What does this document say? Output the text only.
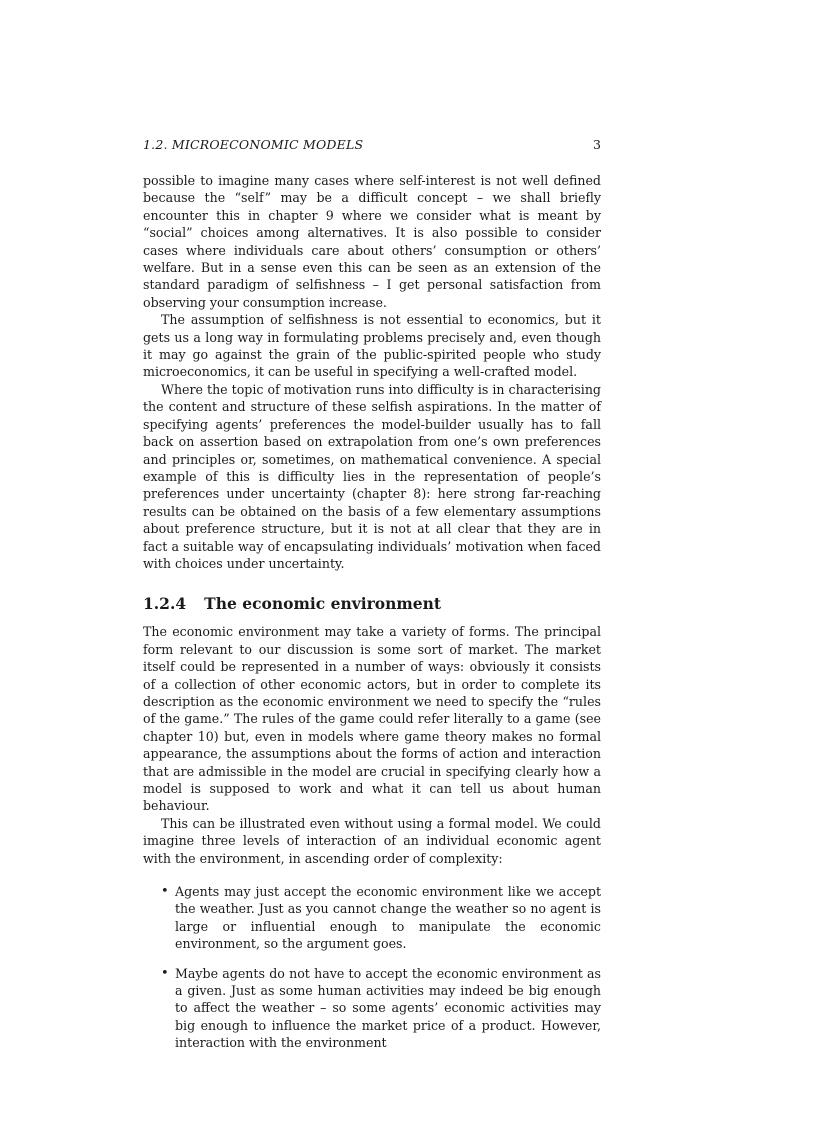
1.2. MICROECONOMIC MODELS	3

possible to imagine many cases where self-interest is not well defined because the “self” may be a difficult concept – we shall briefly encounter this in chapter 9 where we consider what is meant by “social” choices among alternatives. It is also possible to consider cases where individuals care about others’ consumption or others’ welfare. But in a sense even this can be seen as an extension of the standard paradigm of selfishness – I get personal satisfaction from observing your consumption increase.

The assumption of selfishness is not essential to economics, but it gets us a long way in formulating problems precisely and, even though it may go against the grain of the public-spirited people who study microeconomics, it can be useful in specifying a well-crafted model.

Where the topic of motivation runs into difficulty is in characterising the content and structure of these selfish aspirations. In the matter of specifying agents’ preferences the model-builder usually has to fall back on assertion based on extrapolation from one’s own preferences and principles or, sometimes, on mathematical convenience. A special example of this is difficulty lies in the representation of people’s preferences under uncertainty (chapter 8): here strong far-reaching results can be obtained on the basis of a few elementary assumptions about preference structure, but it is not at all clear that they are in fact a suitable way of encapsulating individuals’ motivation when faced with choices under uncertainty.

1.2.4 The economic environment

The economic environment may take a variety of forms. The principal form relevant to our discussion is some sort of market. The market itself could be represented in a number of ways: obviously it consists of a collection of other economic actors, but in order to complete its description as the economic environment we need to specify the “rules of the game.” The rules of the game could refer literally to a game (see chapter 10) but, even in models where game theory makes no formal appearance, the assumptions about the forms of action and interaction that are admissible in the model are crucial in specifying clearly how a model is supposed to work and what it can tell us about human behaviour.

This can be illustrated even without using a formal model. We could imagine three levels of interaction of an individual economic agent with the environment, in ascending order of complexity:

• Agents may just accept the economic environment like we accept the weather. Just as you cannot change the weather so no agent is large or influential enough to manipulate the economic environment, so the argument goes.

• Maybe agents do not have to accept the economic environment as a given. Just as some human activities may indeed be big enough to affect the weather – so some agents’ economic activities may big enough to influence the market price of a product. However, interaction with the environment
